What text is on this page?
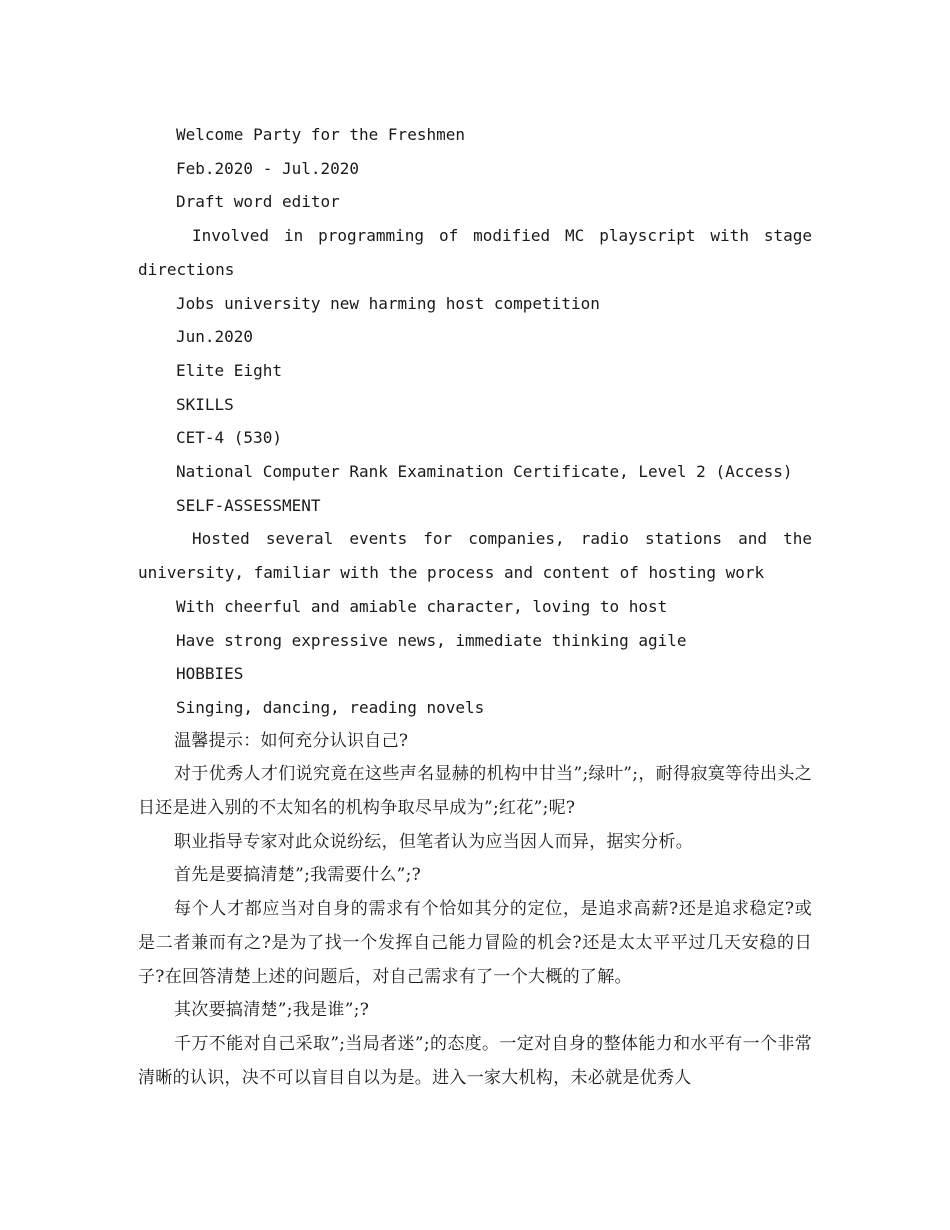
Welcome Party for the Freshmen

Feb.2020 - Jul.2020

Draft word editor

Involved in programming of modified MC playscript with stage directions

Jobs university new harming host competition

Jun.2020

Elite Eight

SKILLS

CET-4 (530)

National Computer Rank Examination Certificate, Level 2 (Access)

SELF-ASSESSMENT

Hosted several events for companies, radio stations and the university, familiar with the process and content of hosting work

With cheerful and amiable character, loving to host

Have strong expressive news, immediate thinking agile

HOBBIES

Singing, dancing, reading novels

温馨提示：如何充分认识自己?

对于优秀人才们说究竟在这些声名显赫的机构中甘当”;绿叶”;，耐得寂寞等待出头之日还是进入别的不太知名的机构争取尽早成为”;红花”;呢?

职业指导专家对此众说纷纭，但笔者认为应当因人而异，据实分析。

首先是要搞清楚”;我需要什么”;?

每个人才都应当对自身的需求有个恰如其分的定位，是追求高薪?还是追求稳定?或是二者兼而有之?是为了找一个发挥自己能力冒险的机会?还是太太平平过几天安稳的日子?在回答清楚上述的问题后，对自己需求有了一个大概的了解。

其次要搞清楚”;我是谁”;?

千万不能对自己采取”;当局者迷”;的态度。一定对自身的整体能力和水平有一个非常清晰的认识，决不可以盲目自以为是。进入一家大机构，未必就是优秀人
